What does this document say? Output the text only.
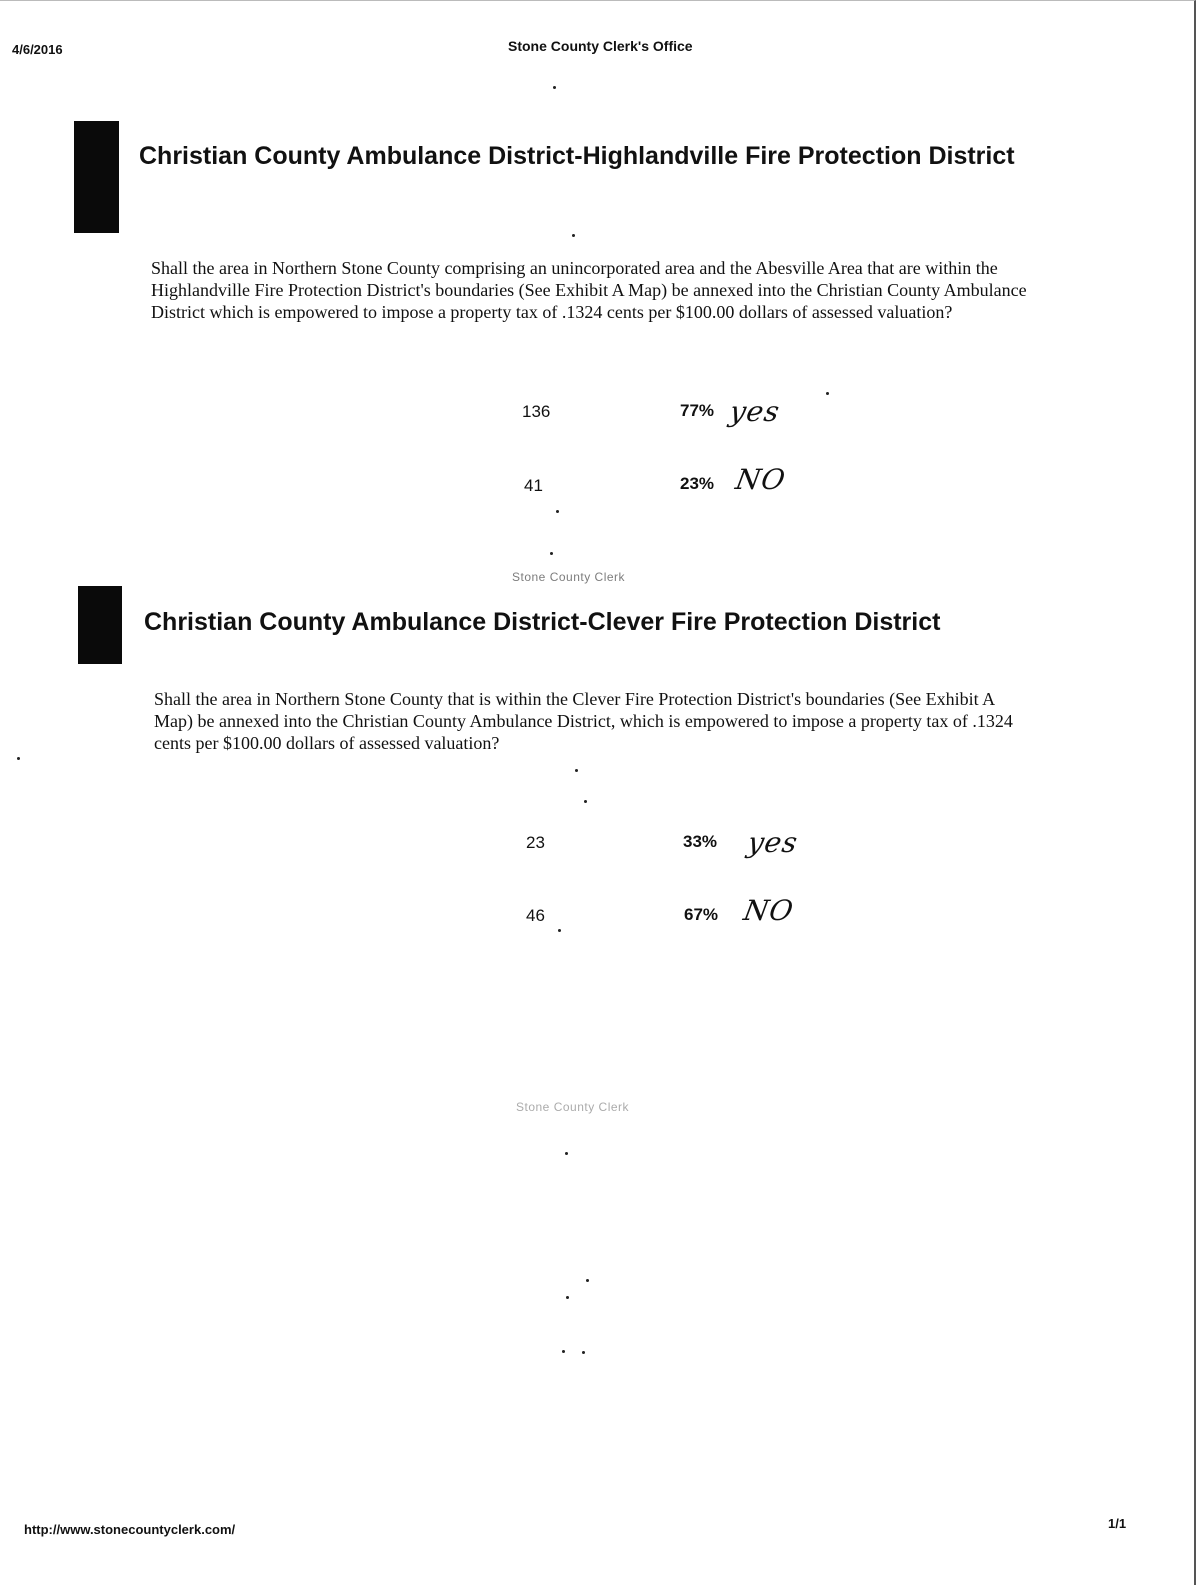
4/6/2016	Stone County Clerk's Office
Christian County Ambulance District-Highlandville Fire Protection District

Shall the area in Northern Stone County comprising an unincorporated area and the Abesville Area that are within the Highlandville Fire Protection District's boundaries (See Exhibit A Map) be annexed into the Christian County Ambulance District which is empowered to impose a property tax of .1324 cents per $100.00 dollars of assessed valuation?

136	77% yes
41	23% NO
Stone County Clerk
Christian County Ambulance District-Clever Fire Protection District

Shall the area in Northern Stone County that is within the Clever Fire Protection District's boundaries (See Exhibit A Map) be annexed into the Christian County Ambulance District, which is empowered to impose a property tax of .1324 cents per $100.00 dollars of assessed valuation?

23	33% yes
46	67% NO
Stone County Clerk
http://www.stonecountyclerk.com/	1/1
